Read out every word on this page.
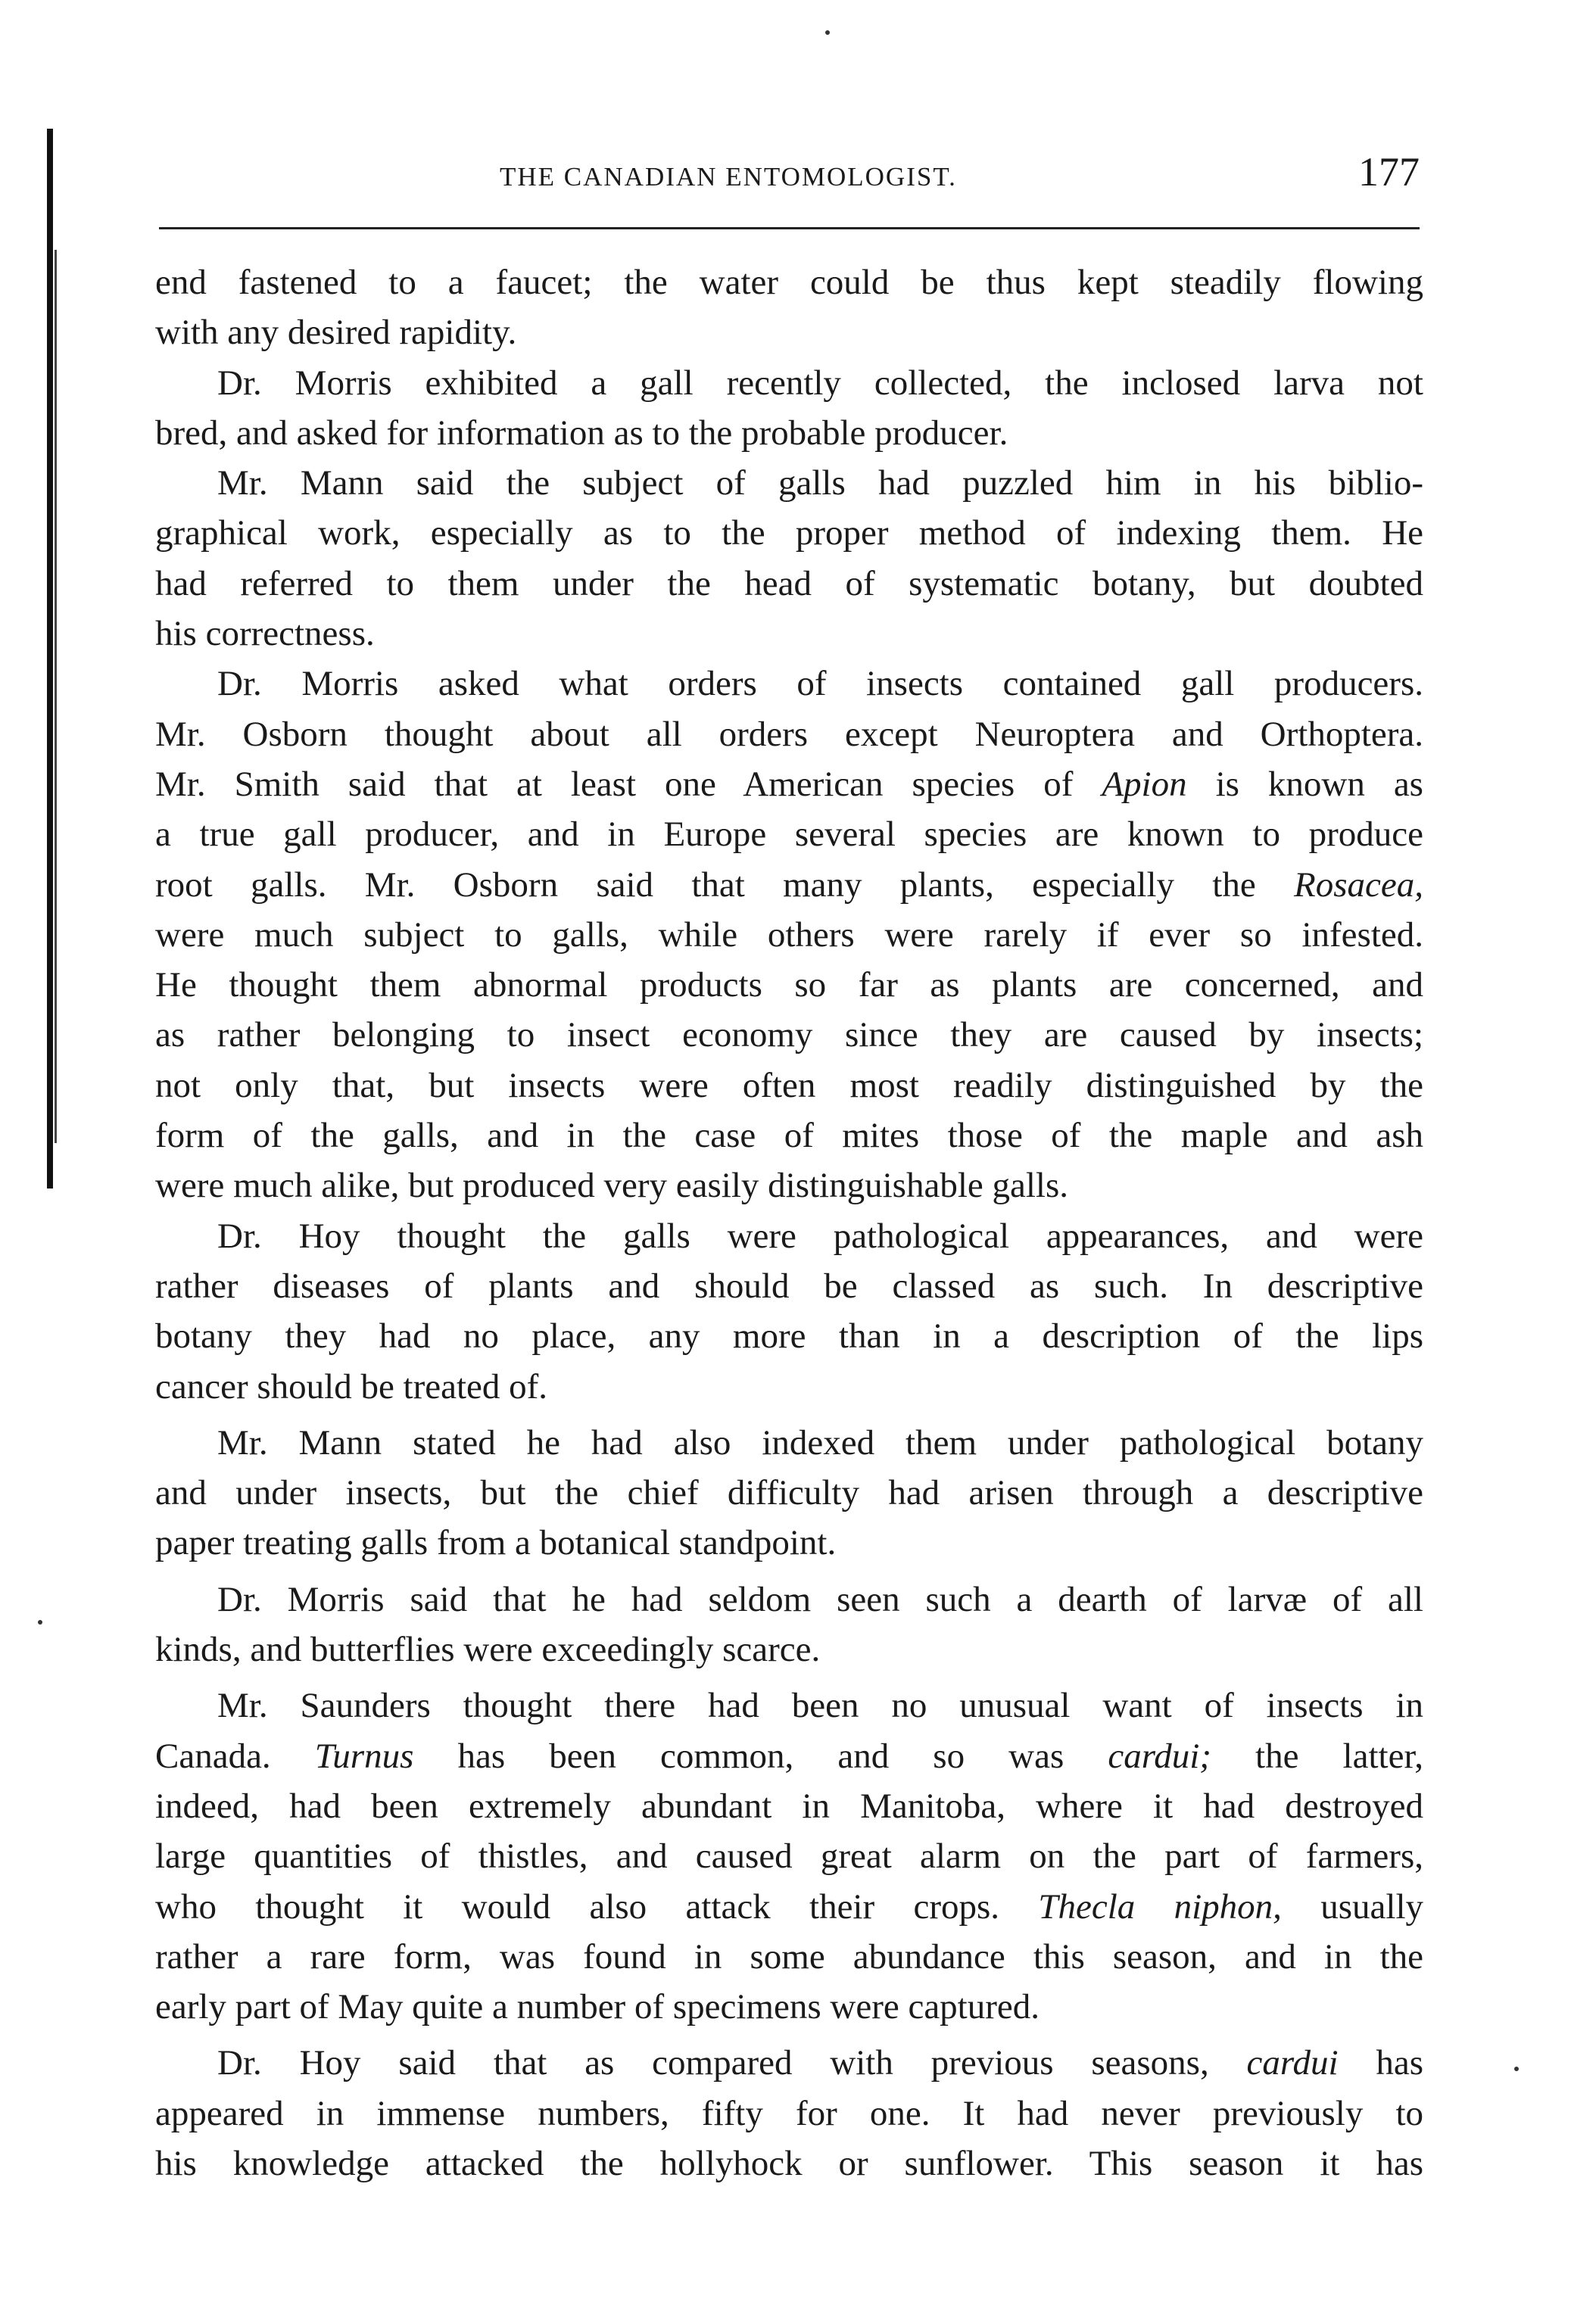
THE CANADIAN ENTOMOLOGIST.	177
end fastened to a faucet; the water could be thus kept steadily flowing
with any desired rapidity.
Dr. Morris exhibited a gall recently collected, the inclosed larva not
bred, and asked for information as to the probable producer.
Mr. Mann said the subject of galls had puzzled him in his biblio-
graphical work, especially as to the proper method of indexing them. He
had referred to them under the head of systematic botany, but doubted
his correctness.
Dr. Morris asked what orders of insects contained gall producers.
Mr. Osborn thought about all orders except Neuroptera and Orthoptera.
Mr. Smith said that at least one American species of Apion is known as
a true gall producer, and in Europe several species are known to produce
root galls. Mr. Osborn said that many plants, especially the Rosacea,
were much subject to galls, while others were rarely if ever so infested.
He thought them abnormal products so far as plants are concerned, and
as rather belonging to insect economy since they are caused by insects;
not only that, but insects were often most readily distinguished by the
form of the galls, and in the case of mites those of the maple and ash
were much alike, but produced very easily distinguishable galls.
Dr. Hoy thought the galls were pathological appearances, and were
rather diseases of plants and should be classed as such. In descriptive
botany they had no place, any more than in a description of the lips
cancer should be treated of.
Mr. Mann stated he had also indexed them under pathological botany
and under insects, but the chief difficulty had arisen through a descriptive
paper treating galls from a botanical standpoint.
Dr. Morris said that he had seldom seen such a dearth of larvæ of all
kinds, and butterflies were exceedingly scarce.
Mr. Saunders thought there had been no unusual want of insects in
Canada. Turnus has been common, and so was cardui; the latter,
indeed, had been extremely abundant in Manitoba, where it had destroyed
large quantities of thistles, and caused great alarm on the part of farmers,
who thought it would also attack their crops. Thecla niphon, usually
rather a rare form, was found in some abundance this season, and in the
early part of May quite a number of specimens were captured.
Dr. Hoy said that as compared with previous seasons, cardui has
appeared in immense numbers, fifty for one. It had never previously to
his knowledge attacked the hollyhock or sunflower. This season it has
